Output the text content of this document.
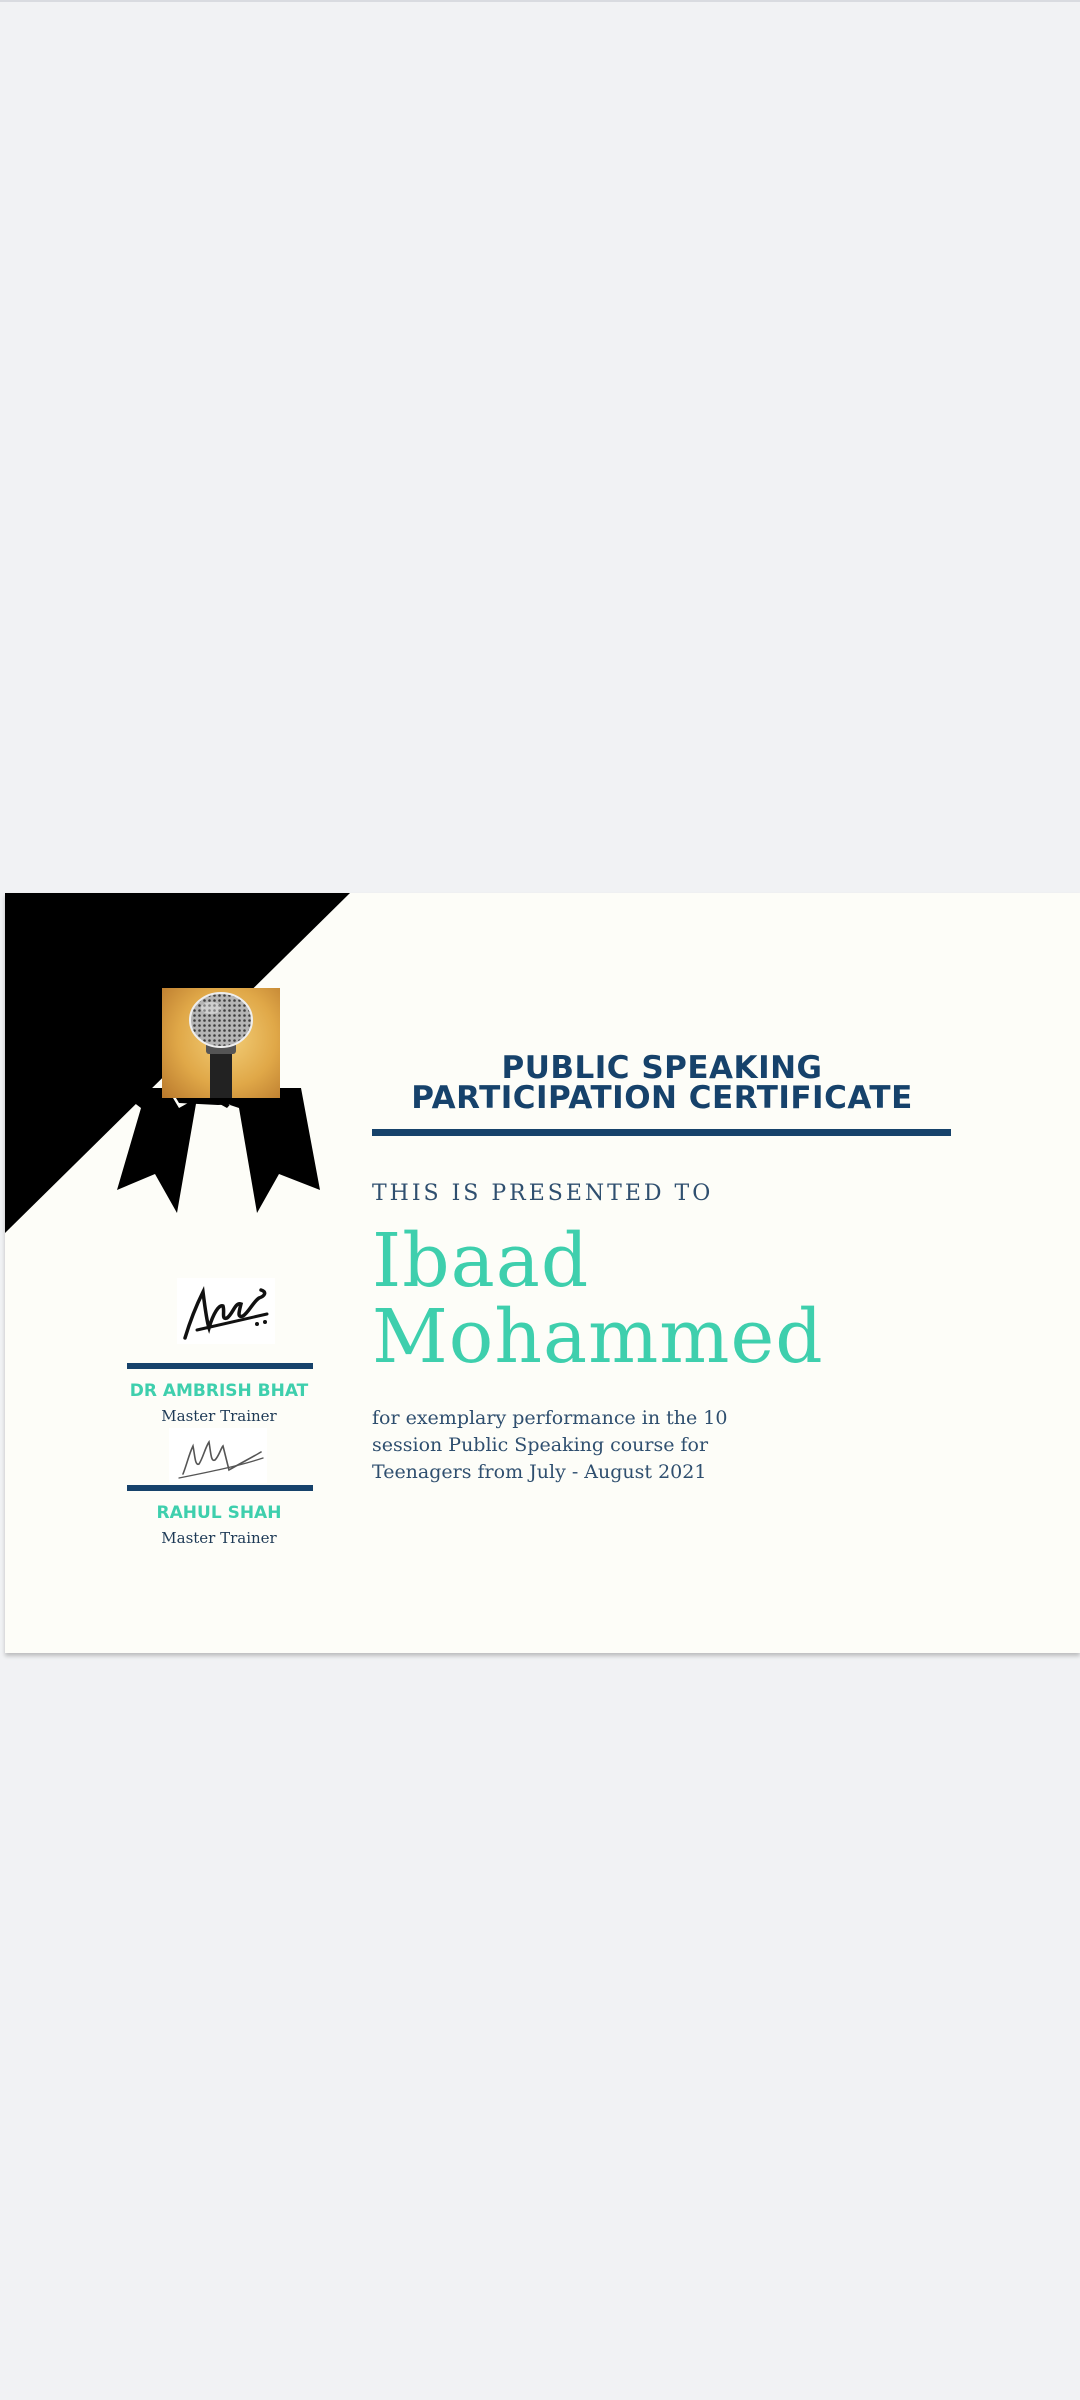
PUBLIC SPEAKING
PARTICIPATION CERTIFICATE
THIS IS PRESENTED TO
Ibaad
Mohammed
for exemplary performance in the 10 session Public Speaking course for Teenagers from July - August 2021
DR AMBRISH BHAT
Master Trainer
RAHUL SHAH
Master Trainer
